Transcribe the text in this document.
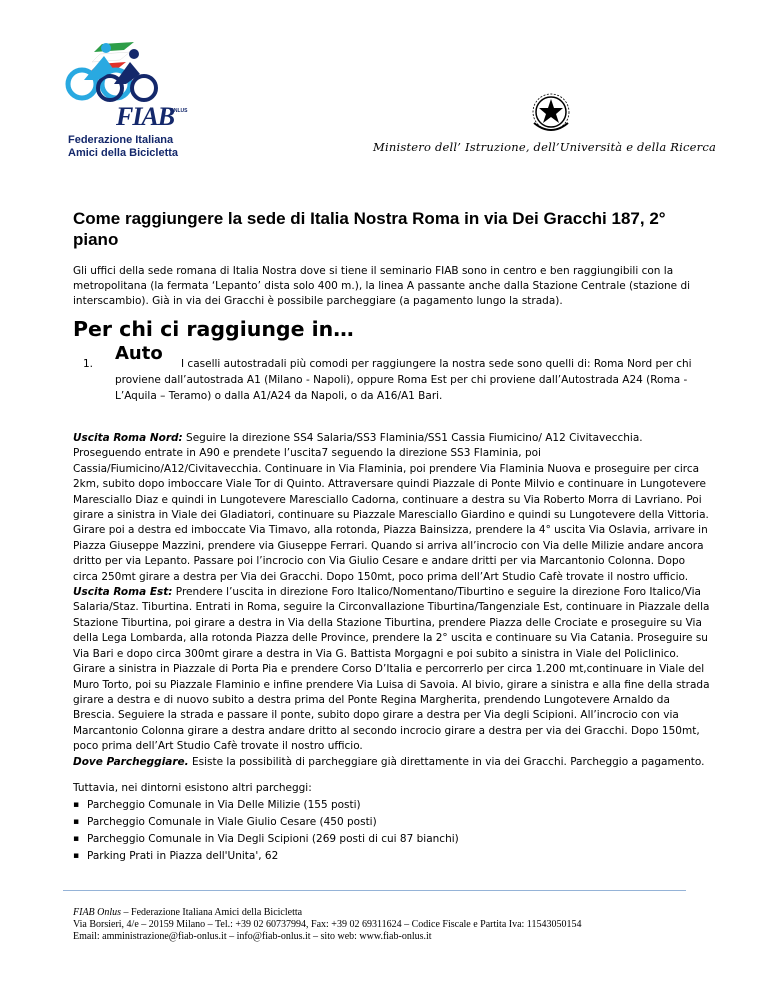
FIAB
ONLUS
Federazione Italiana
Amici della Bicicletta	Ministero dell’ Istruzione, dell’Università e della Ricerca
Come raggiungere la sede di Italia Nostra Roma in via Dei Gracchi 187, 2° piano
Gli uffici della sede romana di Italia Nostra dove si tiene il seminario FIAB sono in centro e ben raggiungibili con la metropolitana (la fermata ‘Lepanto’ dista solo 400 m.), la linea A passante anche dalla Stazione Centrale (stazione di interscambio). Già in via dei Gracchi è possibile parcheggiare (a pagamento lungo la strada).
Per chi ci raggiunge in…
1. Auto I caselli autostradali più comodi per raggiungere la nostra sede sono quelli di: Roma Nord per chi
proviene dall’autostrada A1 (Milano - Napoli), oppure Roma Est per chi proviene dall’Autostrada A24 (Roma - L’Aquila – Teramo) o dalla A1/A24 da Napoli, o da A16/A1 Bari.
Uscita Roma Nord: Seguire la direzione SS4 Salaria/SS3 Flaminia/SS1 Cassia Fiumicino/ A12 Civitavecchia. Proseguendo entrate in A90 e prendete l’uscita7 seguendo la direzione SS3 Flaminia, poi Cassia/Fiumicino/A12/Civitavecchia. Continuare in Via Flaminia, poi prendere Via Flaminia Nuova e proseguire per circa 2km, subito dopo imboccare Viale Tor di Quinto. Attraversare quindi Piazzale di Ponte Milvio e continuare in Lungotevere Maresciallo Diaz e quindi in Lungotevere Maresciallo Cadorna, continuare a destra su Via Roberto Morra di Lavriano. Poi girare a sinistra in Viale dei Gladiatori, continuare su Piazzale Maresciallo Giardino e quindi su Lungotevere della Vittoria. Girare poi a destra ed imboccate Via Timavo, alla rotonda, Piazza Bainsizza, prendere la 4° uscita Via Oslavia, arrivare in Piazza Giuseppe Mazzini, prendere via Giuseppe Ferrari. Quando si arriva all’incrocio con Via delle Milizie andare ancora dritto per via Lepanto. Passare poi l’incrocio con Via Giulio Cesare e andare dritti per via Marcantonio Colonna. Dopo circa 250mt girare a destra per Via dei Gracchi. Dopo 150mt, poco prima dell’Art Studio Cafè trovate il nostro ufficio.
Uscita Roma Est: Prendere l’uscita in direzione Foro Italico/Nomentano/Tiburtino e seguire la direzione Foro Italico/Via Salaria/Staz. Tiburtina. Entrati in Roma, seguire la Circonvallazione Tiburtina/Tangenziale Est, continuare in Piazzale della Stazione Tiburtina, poi girare a destra in Via della Stazione Tiburtina, prendere Piazza delle Crociate e proseguire su Via della Lega Lombarda, alla rotonda Piazza delle Province, prendere la 2° uscita e continuare su Via Catania. Proseguire su Via Bari e dopo circa 300mt girare a destra in Via G. Battista Morgagni e poi subito a sinistra in Viale del Policlinico. Girare a sinistra in Piazzale di Porta Pia e prendere Corso D’Italia e percorrerlo per circa 1.200 mt,continuare in Viale del Muro Torto, poi su Piazzale Flaminio e infine prendere Via Luisa di Savoia. Al bivio, girare a sinistra e alla fine della strada girare a destra e di nuovo subito a destra prima del Ponte Regina Margherita, prendendo Lungotevere Arnaldo da Brescia. Seguiere la strada e passare il ponte, subito dopo girare a destra per Via degli Scipioni. All’incrocio con via Marcantonio Colonna girare a destra andare dritto al secondo incrocio girare a destra per via dei Gracchi. Dopo 150mt, poco prima dell’Art Studio Cafè trovate il nostro ufficio.
Dove Parcheggiare. Esiste la possibilità di parcheggiare già direttamente in via dei Gracchi. Parcheggio a pagamento.
Tuttavia, nei dintorni esistono altri parcheggi:
▪ Parcheggio Comunale in Via Delle Milizie (155 posti)
▪ Parcheggio Comunale in Viale Giulio Cesare (450 posti)
▪ Parcheggio Comunale in Via Degli Scipioni (269 posti di cui 87 bianchi)
▪ Parking Prati in Piazza dell'Unita', 62
FIAB Onlus – Federazione Italiana Amici della Bicicletta
Via Borsieri, 4/e – 20159 Milano – Tel.: +39 02 60737994, Fax: +39 02 69311624 – Codice Fiscale e Partita Iva: 11543050154
Email: amministrazione@fiab-onlus.it – info@fiab-onlus.it – sito web: www.fiab-onlus.it
